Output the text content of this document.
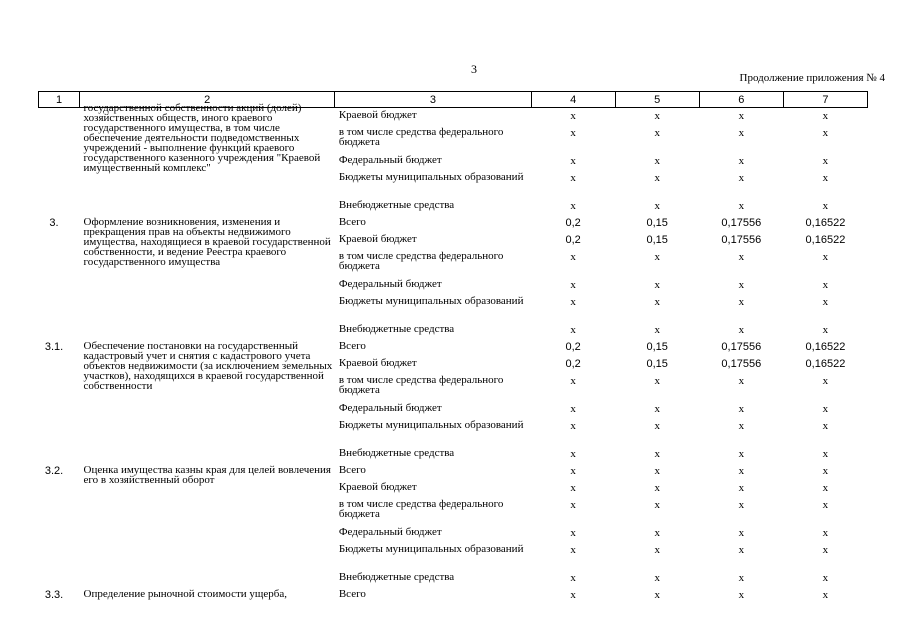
3
Продолжение приложения № 4
1	2	3	4	5	6	7
	государственной собственности акций (долей) хозяйственных обществ, иного краевого государственного имущества, в том числе обеспечение деятельности подведомственных учреждений - выполнение функций краевого государственного казенного учреждения "Краевой имущественный комплекс"	Краевой бюджет	х	х	х	х
		в том числе средства федерального бюджета	х	х	х	х
		Федеральный бюджет	х	х	х	х
		Бюджеты муниципальных образований	х	х	х	х
		Внебюджетные средства	х	х	х	х
3.	Оформление возникновения, изменения и прекращения прав на объекты недвижимого имущества, находящиеся в краевой государственной собственности, и ведение Реестра краевого государственного имущества	Всего	0,2	0,15	0,17556	0,16522
		Краевой бюджет	0,2	0,15	0,17556	0,16522
		в том числе средства федерального бюджета	х	х	х	х
		Федеральный бюджет	х	х	х	х
		Бюджеты муниципальных образований	х	х	х	х
		Внебюджетные средства	х	х	х	х
3.1.	Обеспечение постановки на государственный кадастровый учет и снятия с кадастрового учета объектов недвижимости (за исключением земельных участков), находящихся в краевой государственной собственности	Всего	0,2	0,15	0,17556	0,16522
		Краевой бюджет	0,2	0,15	0,17556	0,16522
		в том числе средства федерального бюджета	х	х	х	х
		Федеральный бюджет	х	х	х	х
		Бюджеты муниципальных образований	х	х	х	х
		Внебюджетные средства	х	х	х	х
3.2.	Оценка имущества казны края для целей вовлечения его в хозяйственный оборот	Всего	х	х	х	х
		Краевой бюджет	х	х	х	х
		в том числе средства федерального бюджета	х	х	х	х
		Федеральный бюджет	х	х	х	х
		Бюджеты муниципальных образований	х	х	х	х
		Внебюджетные средства	х	х	х	х
3.3.	Определение рыночной стоимости ущерба,	Всего	х	х	х	х
